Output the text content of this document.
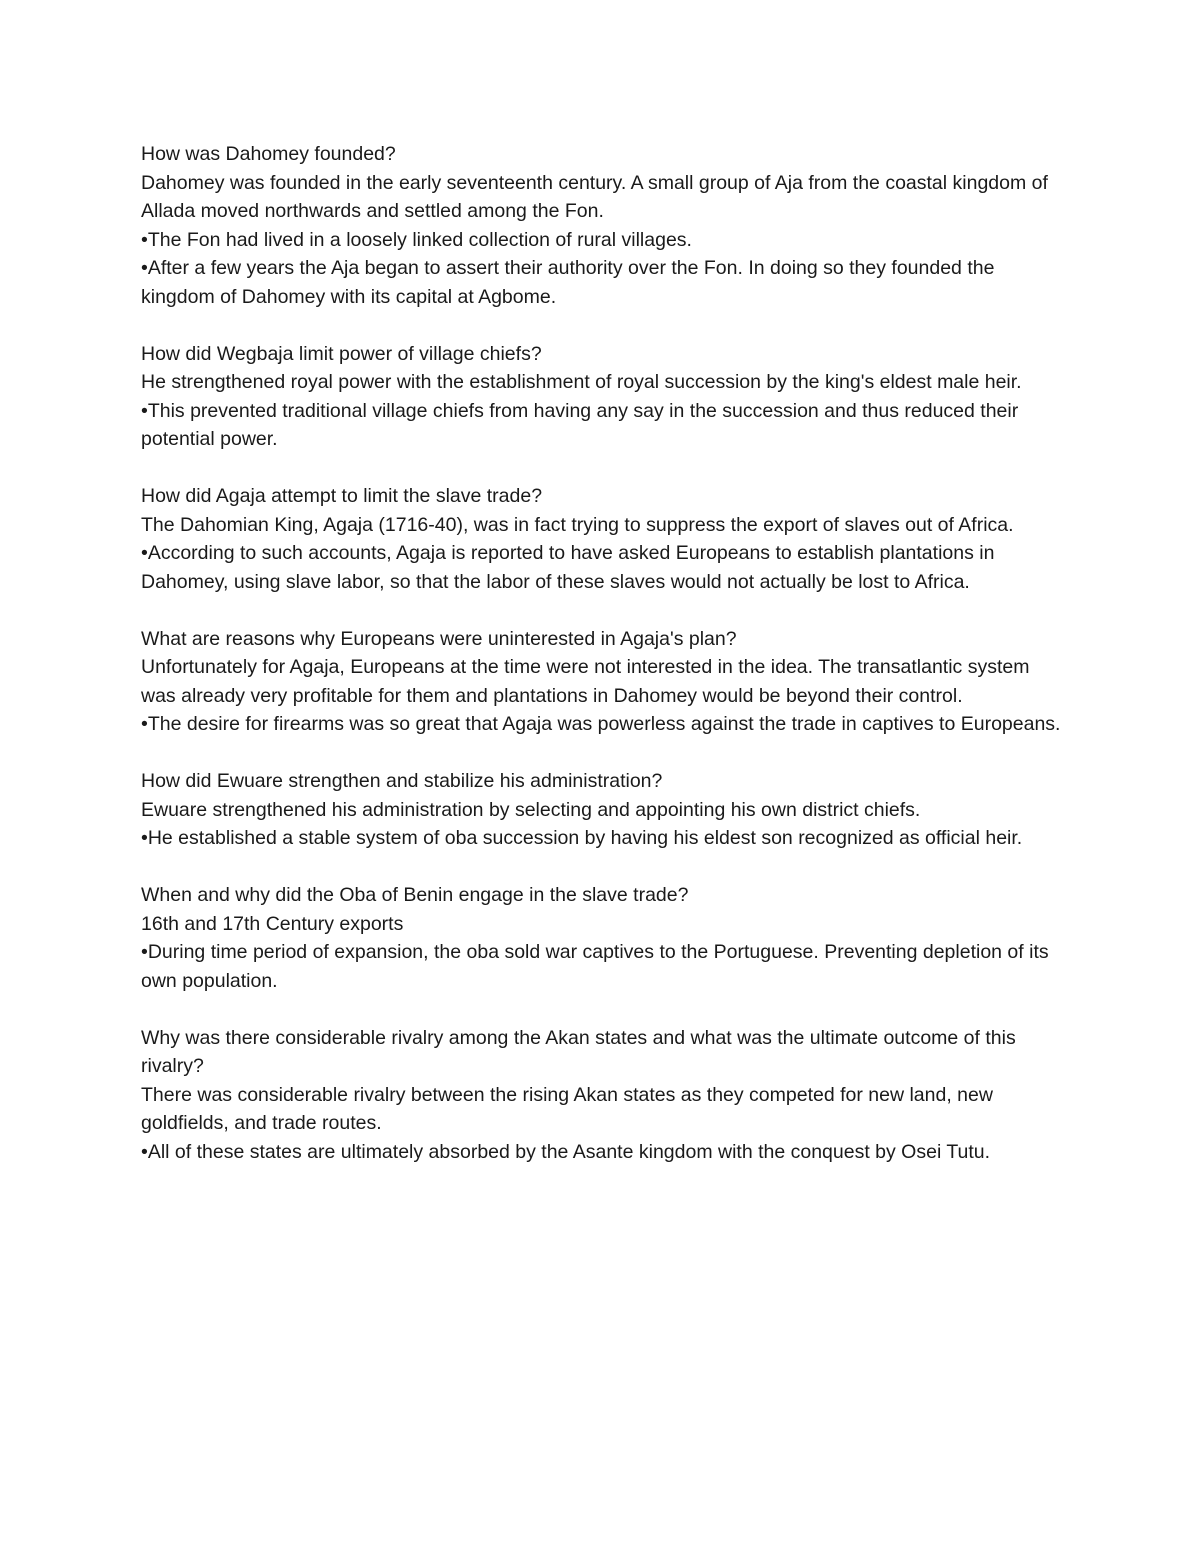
How was Dahomey founded?

Dahomey was founded in the early seventeenth century. A small group of Aja from the coastal kingdom of Allada moved northwards and settled among the Fon.

•The Fon had lived in a loosely linked collection of rural villages.

•After a few years the Aja began to assert their authority over the Fon. In doing so they founded the kingdom of Dahomey with its capital at Agbome.

How did Wegbaja limit power of village chiefs?

He strengthened royal power with the establishment of royal succession by the king's eldest male heir.

•This prevented traditional village chiefs from having any say in the succession and thus reduced their potential power.

How did Agaja attempt to limit the slave trade?

The Dahomian King, Agaja (1716-40), was in fact trying to suppress the export of slaves out of Africa.

•According to such accounts, Agaja is reported to have asked Europeans to establish plantations in Dahomey, using slave labor, so that the labor of these slaves would not actually be lost to Africa.

What are reasons why Europeans were uninterested in Agaja's plan?

Unfortunately for Agaja, Europeans at the time were not interested in the idea. The transatlantic system was already very profitable for them and plantations in Dahomey would be beyond their control.

•The desire for firearms was so great that Agaja was powerless against the trade in captives to Europeans.

How did Ewuare strengthen and stabilize his administration?

Ewuare strengthened his administration by selecting and appointing his own district chiefs.

•He established a stable system of oba succession by having his eldest son recognized as official heir.

When and why did the Oba of Benin engage in the slave trade?

16th and 17th Century exports

•During time period of expansion, the oba sold war captives to the Portuguese. Preventing depletion of its own population.

Why was there considerable rivalry among the Akan states and what was the ultimate outcome of this rivalry?

There was considerable rivalry between the rising Akan states as they competed for new land, new goldfields, and trade routes.

•All of these states are ultimately absorbed by the Asante kingdom with the conquest by Osei Tutu.
